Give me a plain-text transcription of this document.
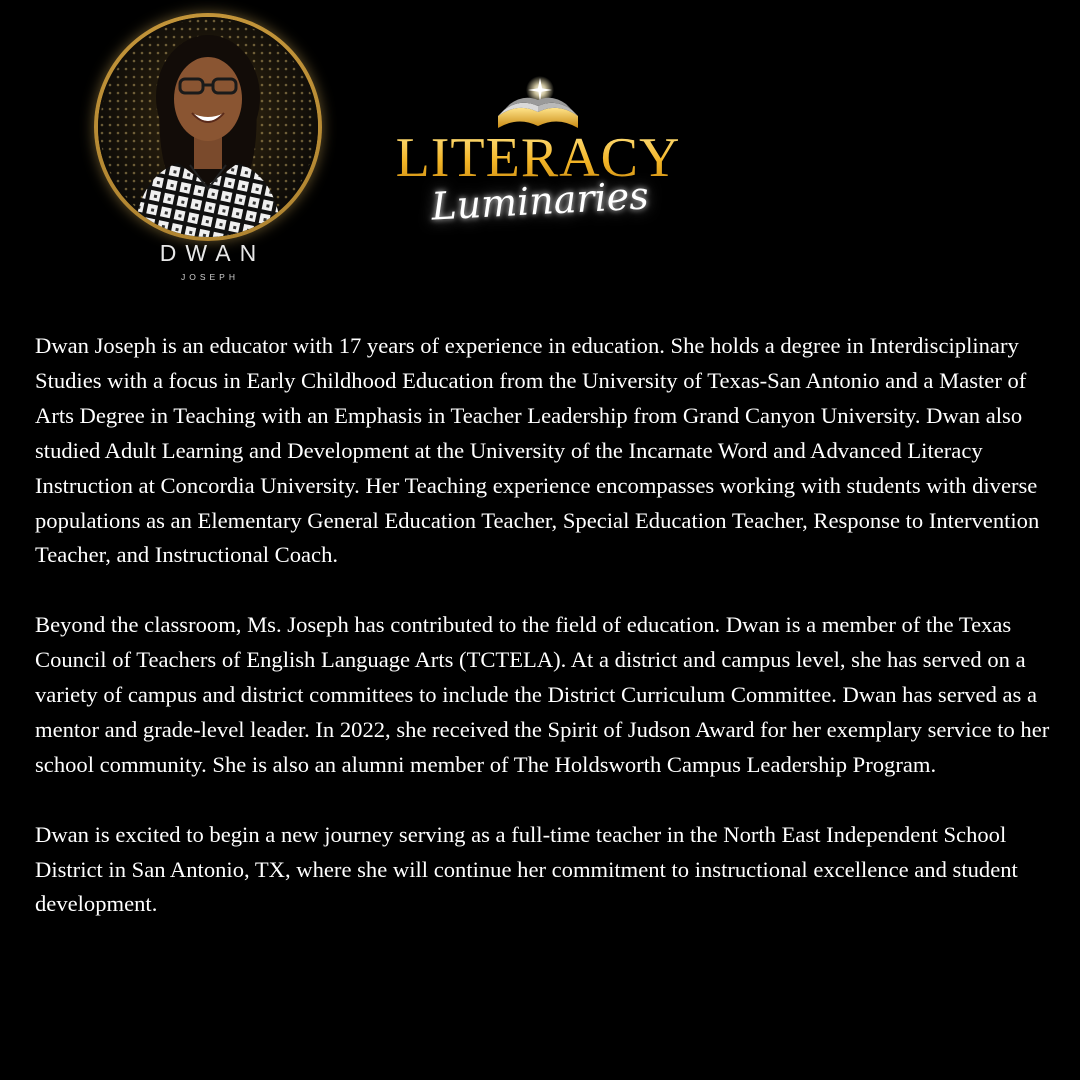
DWAN
JOSEPH
LITERACY
Luminaries

Dwan Joseph is an educator with 17 years of experience in education. She holds a degree in Interdisciplinary Studies with a focus in Early Childhood Education from the University of Texas-San Antonio and a Master of Arts Degree in Teaching with an Emphasis in Teacher Leadership from Grand Canyon University. Dwan also studied Adult Learning and Development at the University of the Incarnate Word and Advanced Literacy Instruction at Concordia University. Her Teaching experience encompasses working with students with diverse populations as an Elementary General Education Teacher, Special Education Teacher, Response to Intervention Teacher, and Instructional Coach.

Beyond the classroom, Ms. Joseph has contributed to the field of education. Dwan is a member of the Texas Council of Teachers of English Language Arts (TCTELA). At a district and campus level, she has served on a variety of campus and district committees to include the District Curriculum Committee. Dwan has served as a mentor and grade-level leader. In 2022, she received the Spirit of Judson Award for her exemplary service to her school community. She is also an alumni member of The Holdsworth Campus Leadership Program.

Dwan is excited to begin a new journey serving as a full-time teacher in the North East Independent School District in San Antonio, TX, where she will continue her commitment to instructional excellence and student development.
